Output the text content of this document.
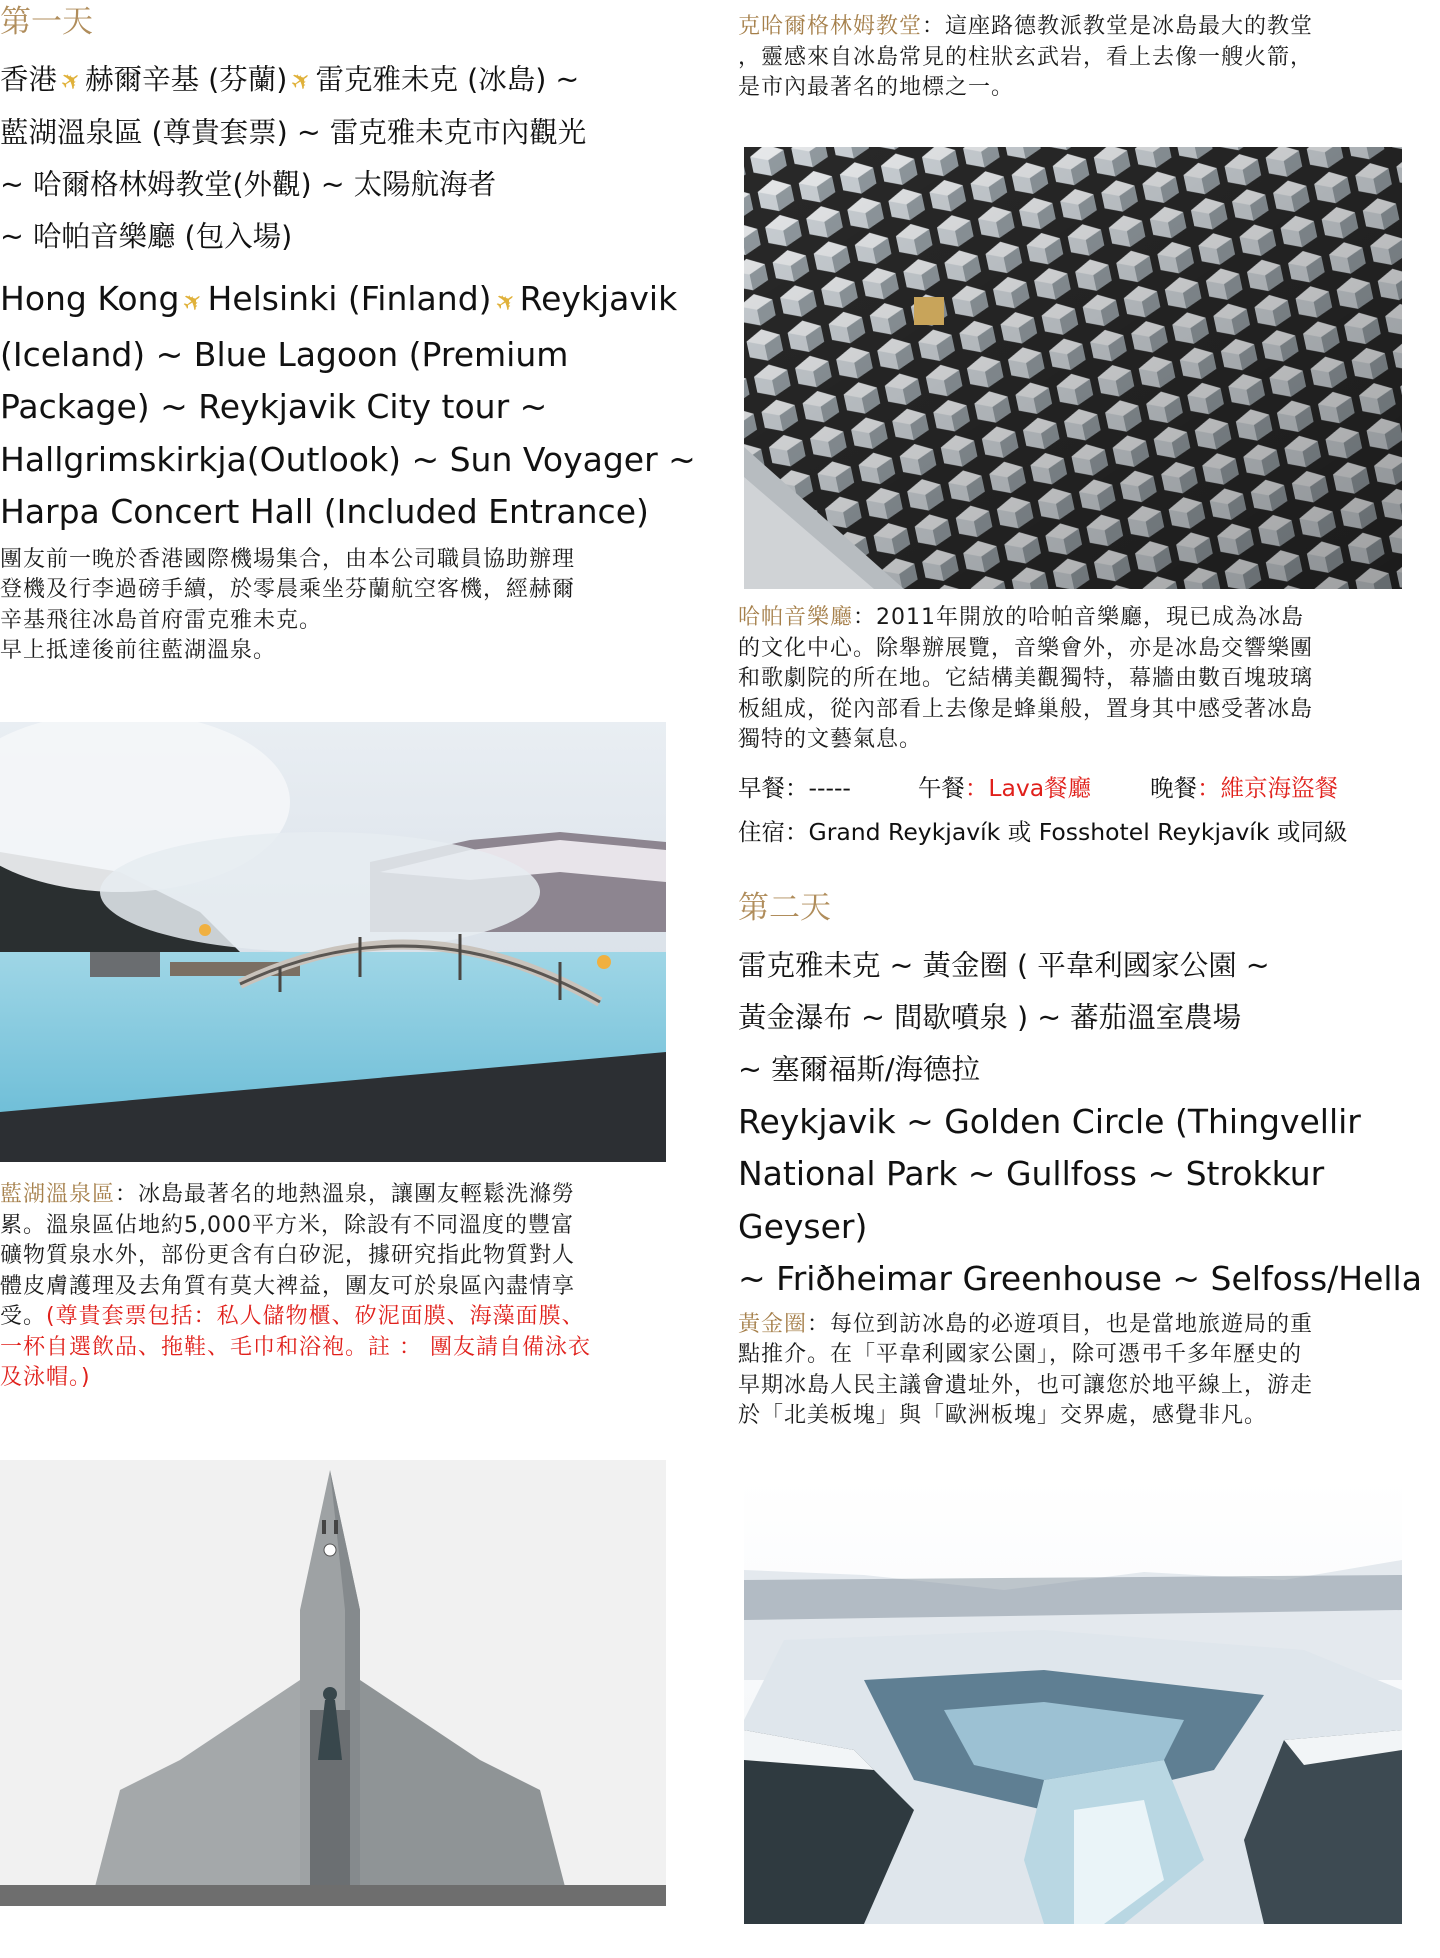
第一天

香港✈赫爾辛基 (芬蘭)✈雷克雅未克 (冰島) ~

藍湖溫泉區 (尊貴套票) ~ 雷克雅未克市內觀光

~ 哈爾格林姆教堂(外觀) ~ 太陽航海者

~ 哈帕音樂廳 (包入場)

Hong Kong✈Helsinki (Finland)✈Reykjavik

(Iceland) ~ Blue Lagoon (Premium

Package) ~ Reykjavik City tour ~

Hallgrimskirkja(Outlook) ~ Sun Voyager ~

Harpa Concert Hall (Included Entrance)

團友前一晚於香港國際機場集合，由本公司職員協助辦理

登機及行李過磅手續，於零晨乘坐芬蘭航空客機，經赫爾

辛基飛往冰島首府雷克雅未克。

早上抵達後前往藍湖溫泉。

藍湖溫泉區：冰島最著名的地熱溫泉，讓團友輕鬆洗滌勞

累。溫泉區佔地約5,000平方米，除設有不同溫度的豐富

礦物質泉水外，部份更含有白矽泥，據研究指此物質對人

體皮膚護理及去角質有莫大裨益，團友可於泉區內盡情享

受。(尊貴套票包括：私人儲物櫃、矽泥面膜、海藻面膜、

一杯自選飲品、拖鞋、毛巾和浴袍。註 ： 團友請自備泳衣

及泳帽。)

克哈爾格林姆教堂：這座路德教派教堂是冰島最大的教堂

，靈感來自冰島常見的柱狀玄武岩，看上去像一艘火箭，

是市內最著名的地標之一。

哈帕音樂廳：2011年開放的哈帕音樂廳，現已成為冰島

的文化中心。除舉辦展覽，音樂會外，亦是冰島交響樂團

和歌劇院的所在地。它結構美觀獨特，幕牆由數百塊玻璃

板組成，從內部看上去像是蜂巢般，置身其中感受著冰島

獨特的文藝氣息。

早餐：-----	午餐：Lava餐廳	晚餐：維京海盜餐

住宿：Grand Reykjavík 或 Fosshotel Reykjavík 或同級

第二天

雷克雅未克 ~ 黃金圈 ( 平韋利國家公園 ~

黃金瀑布 ~ 間歇噴泉 ) ~ 蕃茄溫室農場

~ 塞爾福斯/海德拉

Reykjavik ~ Golden Circle (Thingvellir

National Park ~ Gullfoss ~ Strokkur Geyser)

~ Friðheimar Greenhouse ~ Selfoss/Hella

黃金圈：每位到訪冰島的必遊項目，也是當地旅遊局的重

點推介。在「平韋利國家公園」，除可憑弔千多年歷史的

早期冰島人民主議會遺址外，也可讓您於地平線上，游走

於「北美板塊」與「歐洲板塊」交界處，感覺非凡。
